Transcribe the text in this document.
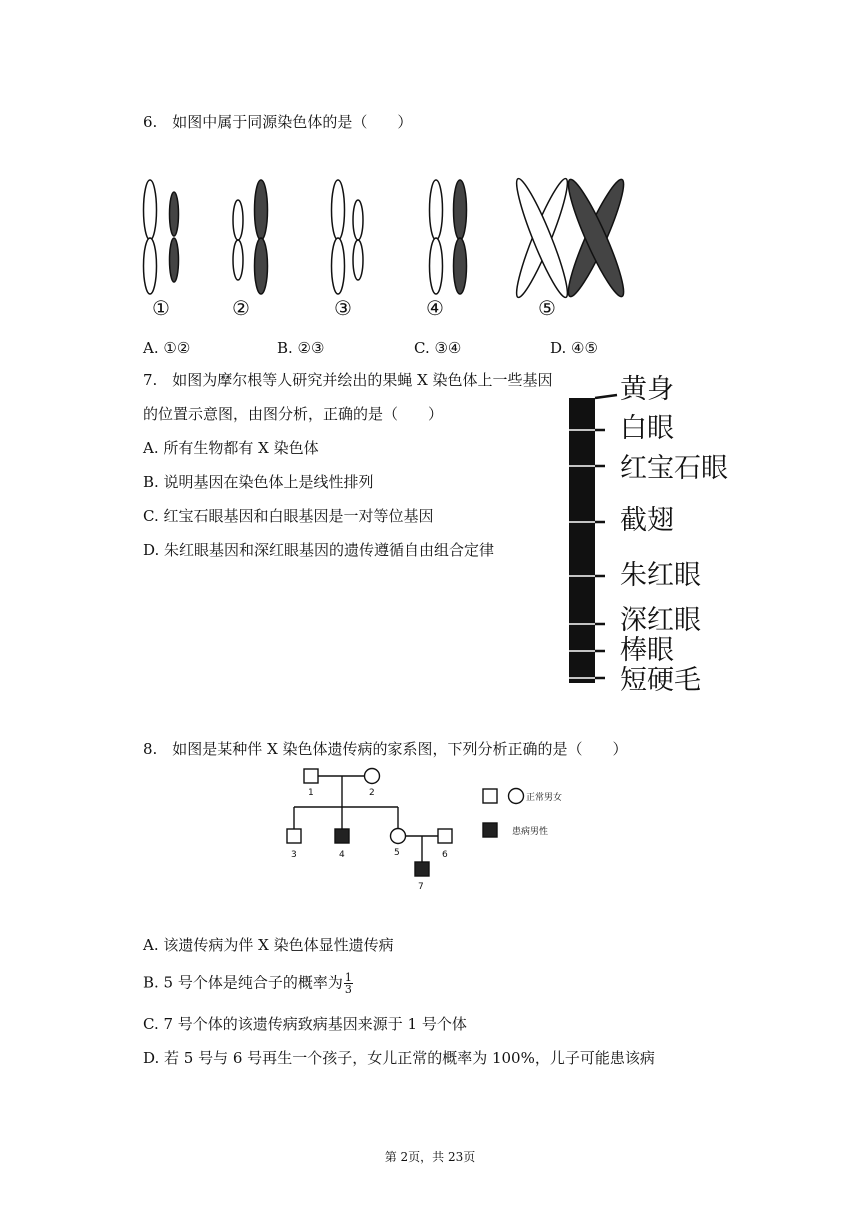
6.　如图中属于同源染色体的是（　　）
①	②	③	④	⑤
A. ①②	B. ②③	C. ③④	D. ④⑤
7.　如图为摩尔根等人研究并绘出的果蝇 X 染色体上一些基因
的位置示意图，由图分析，正确的是（　　）
A. 所有生物都有 X 染色体
B. 说明基因在染色体上是线性排列
C. 红宝石眼基因和白眼基因是一对等位基因
D. 朱红眼基因和深红眼基因的遗传遵循自由组合定律
黄身
白眼
红宝石眼
截翅
朱红眼
深红眼
棒眼
短硬毛
8.　如图是某种伴 X 染色体遗传病的家系图，下列分析正确的是（　　）
1	2
3	4	5	6
7
正常男女
患病男性
A. 该遗传病为伴 X 染色体显性遗传病
B. 5 号个体是纯合子的概率为 $\frac{1}{3}$
C. 7 号个体的该遗传病致病基因来源于 1 号个体
D. 若 5 号与 6 号再生一个孩子，女儿正常的概率为 100%，儿子可能患该病
第 2页，共 23页
